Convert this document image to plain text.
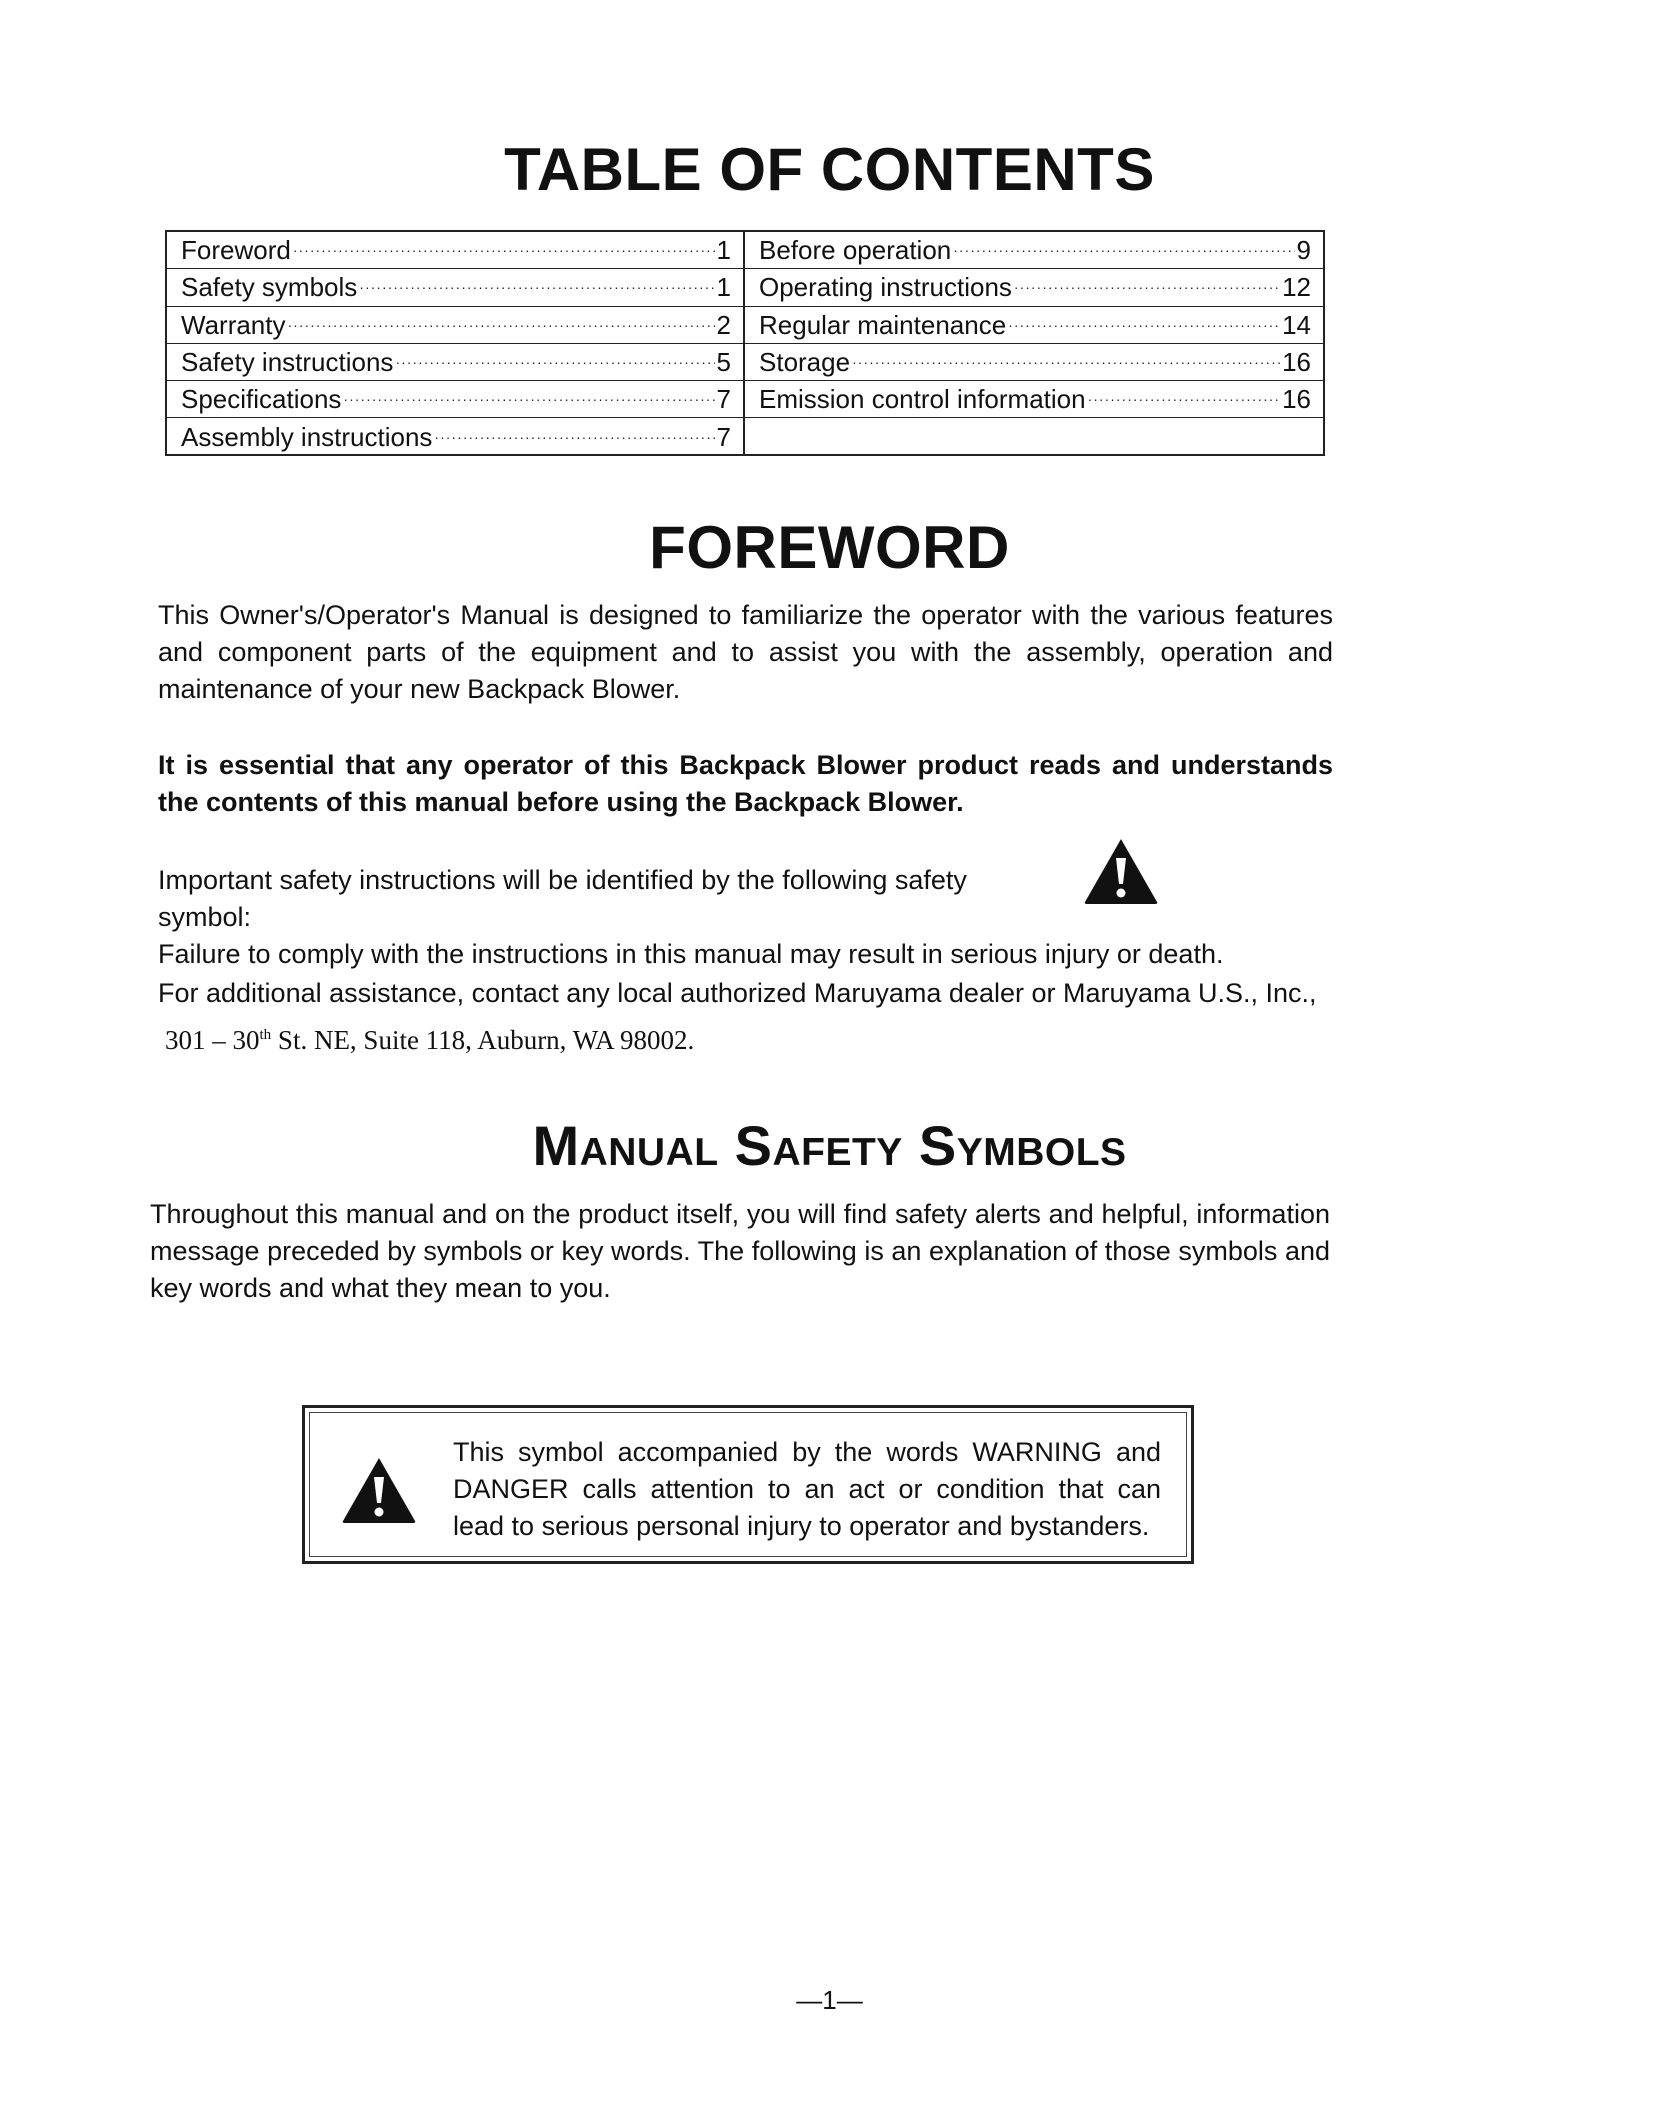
TABLE OF CONTENTS
Foreword ·····	1
Safety symbols ·····	1
Warranty ·····	2
Safety instructions ·····	5
Specifications ·····	7
Assembly instructions ·····	7
Before operation ·····	9
Operating instructions ·····	12
Regular maintenance ·····	14
Storage ·····	16
Emission control information ·····	16
FOREWORD

This Owner's/Operator's Manual is designed to familiarize the operator with the various features and component parts of the equipment and to assist you with the assembly, operation and maintenance of your new Backpack Blower.

It is essential that any operator of this Backpack Blower product reads and understands the contents of this manual before using the Backpack Blower.

Important safety instructions will be identified by the following safety symbol:

Failure to comply with the instructions in this manual may result in serious injury or death.

For additional assistance, contact any local authorized Maruyama dealer or Maruyama U.S., Inc.,

301 – 30th St. NE, Suite 118, Auburn, WA 98002.

Manual Safety Symbols

Throughout this manual and on the product itself, you will find safety alerts and helpful, information message preceded by symbols or key words. The following is an explanation of those symbols and key words and what they mean to you.

This symbol accompanied by the words WARNING and DANGER calls attention to an act or condition that can lead to serious personal injury to operator and bystanders.

—1—
